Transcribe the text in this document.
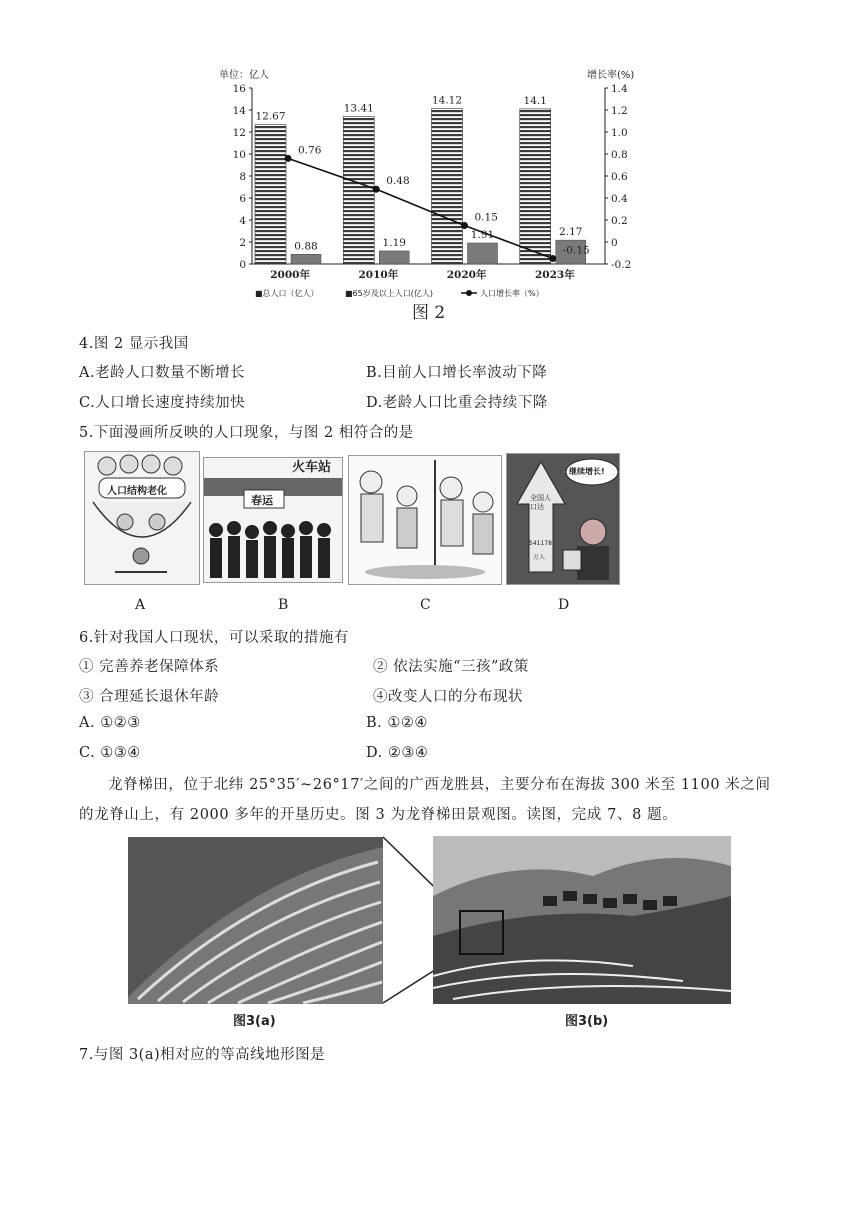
单位：亿人	增长率(%)
0
2
4
6
8
10
12
14
16
-0.2
0
0.2
0.4
0.6
0.8
1.0
1.2
1.4
12.67
0.88
2000年
13.41
1.19
2010年
14.12
1.91
2020年
14.1
2.17
2023年
0.76
0.48
0.15
-0.15
■总人口（亿人）	■65岁及以上人口(亿人)	人口增长率（%）
图 2
4.图 2 显示我国
A.老龄人口数量不断增长	B.目前人口增长率波动下降
C.人口增长速度持续加快	D.老龄人口比重会持续下降
5.下面漫画所反映的人口现象，与图 2 相符合的是
人口结构老化
火车站
春运
继续增长!
全国人口达
541178
万人
A	B	C	D
6.针对我国人口现状，可以采取的措施有
① 完善养老保障体系	② 依法实施“三孩”政策
③ 合理延长退休年龄	④改变人口的分布现状
A. ①②③	B. ①②④
C. ①③④	D. ②③④
龙脊梯田，位于北纬 25°35′~26°17′之间的广西龙胜县，主要分布在海拔 300 米至 1100 米之间的龙脊山上，有 2000 多年的开垦历史。图 3 为龙脊梯田景观图。读图，完成 7、8 题。
图3(a)	图3(b)
7.与图 3(a)相对应的等高线地形图是
